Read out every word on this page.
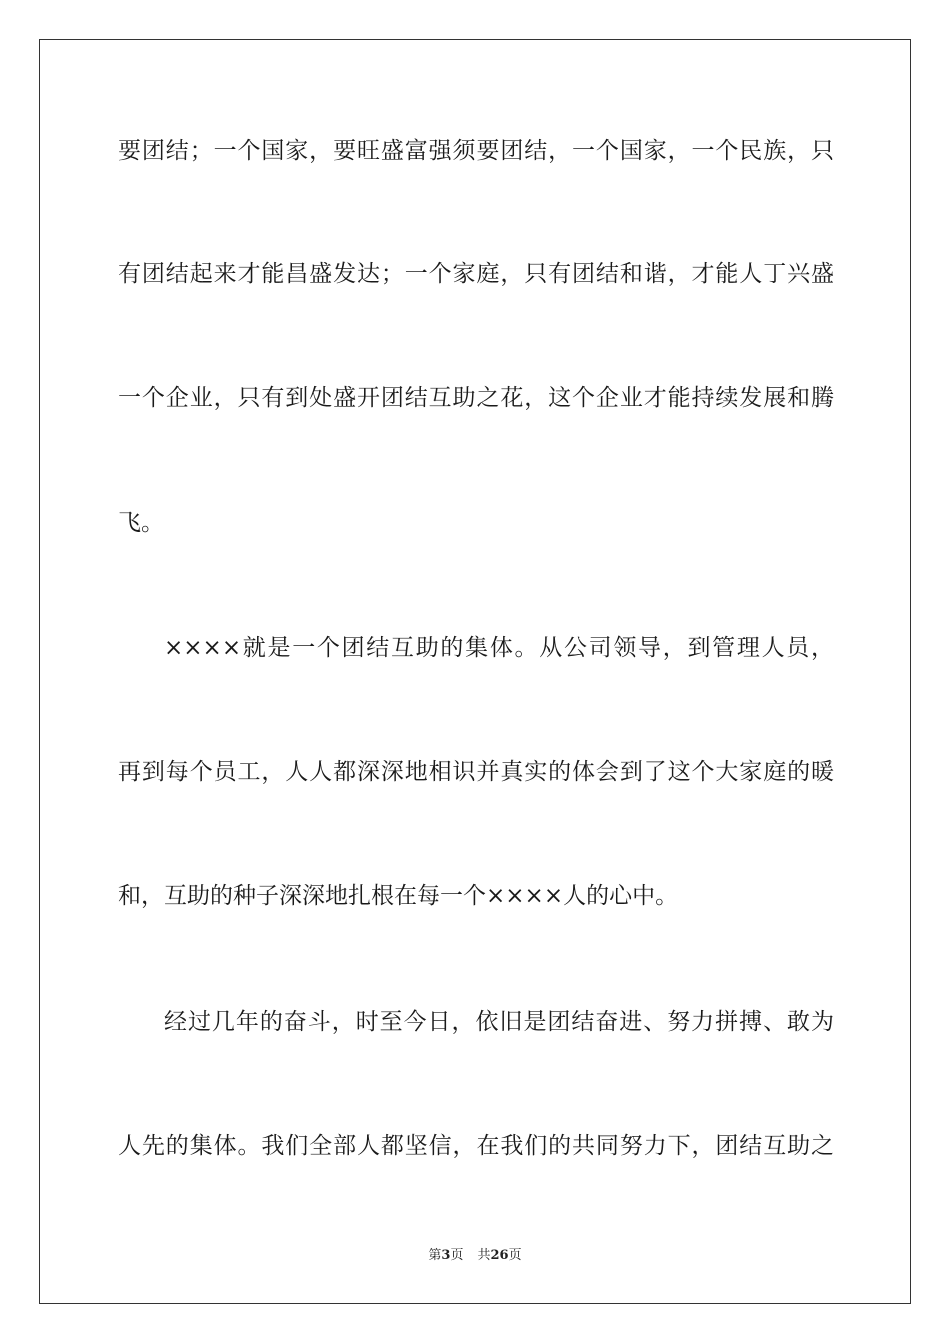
要团结；一个国家，要旺盛富强须要团结，一个国家，一个民族，只
有团结起来才能昌盛发达；一个家庭，只有团结和谐，才能人丁兴盛
一个企业，只有到处盛开团结互助之花，这个企业才能持续发展和腾
飞。
××××就是一个团结互助的集体。从公司领导，到管理人员，
再到每个员工，人人都深深地相识并真实的体会到了这个大家庭的暖
和，互助的种子深深地扎根在每一个××××人的心中。
经过几年的奋斗，时至今日，依旧是团结奋进、努力拼搏、敢为
人先的集体。我们全部人都坚信，在我们的共同努力下，团结互助之
第3页 共26页
